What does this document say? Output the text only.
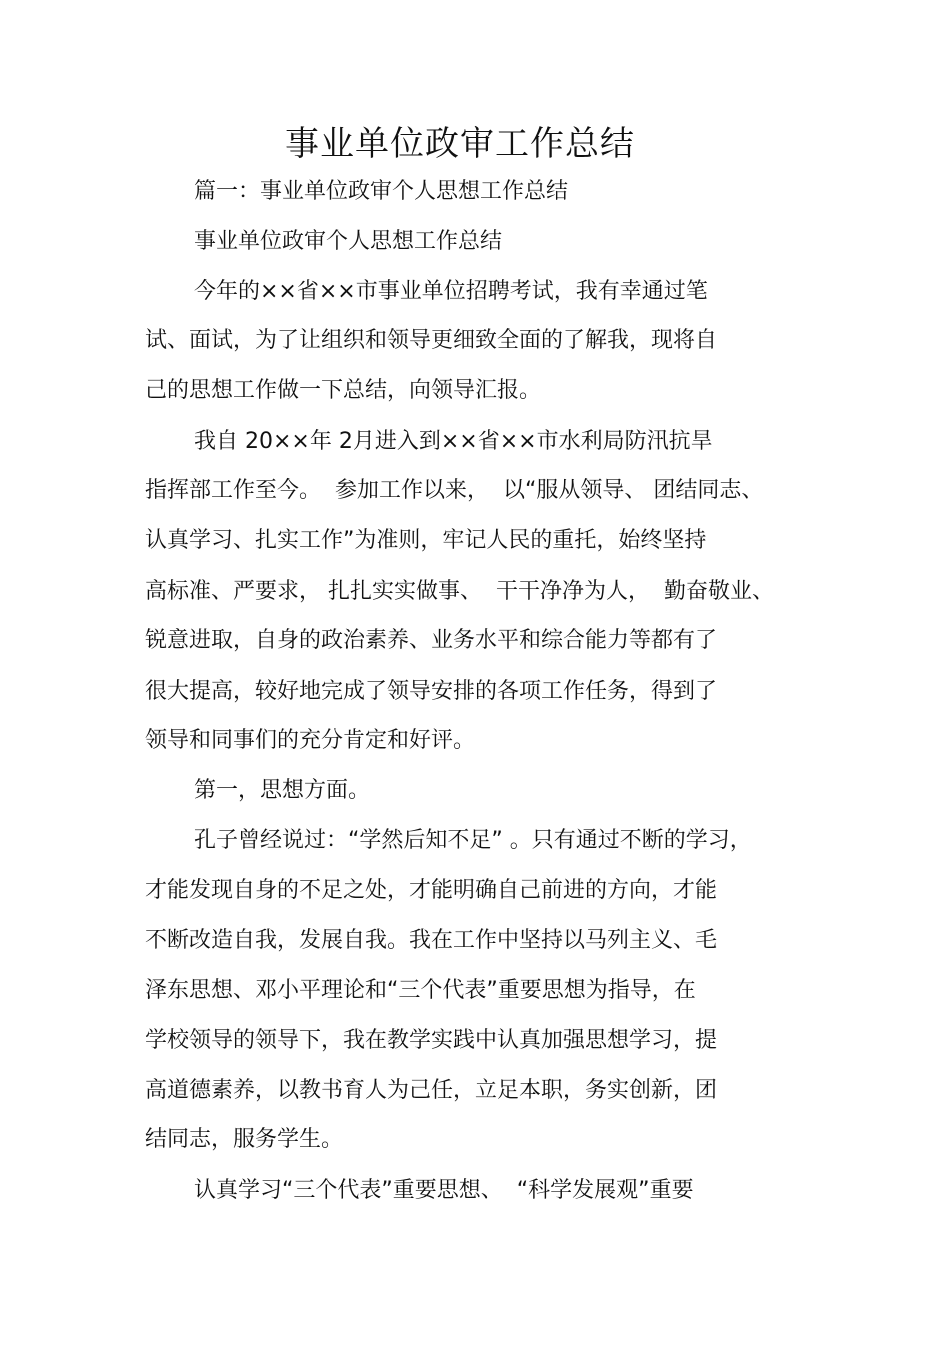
事业单位政审工作总结
篇一：事业单位政审个人思想工作总结
事业单位政审个人思想工作总结
今年的××省××市事业单位招聘考试，我有幸通过笔
试、面试，为了让组织和领导更细致全面的了解我，现将自
己的思想工作做一下总结，向领导汇报。
我自 20××年 2月进入到××省××市水利局防汛抗旱
指挥部工作至今。  参加工作以来，  以“服从领导、 团结同志、
认真学习、扎实工作”为准则，牢记人民的重托，始终坚持
高标准、严要求， 扎扎实实做事、  干干净净为人，  勤奋敬业、
锐意进取，自身的政治素养、业务水平和综合能力等都有了
很大提高，较好地完成了领导安排的各项工作任务，得到了
领导和同事们的充分肯定和好评。
第一，思想方面。
孔子曾经说过：“学然后知不足” 。只有通过不断的学习，
才能发现自身的不足之处，才能明确自己前进的方向，才能
不断改造自我，发展自我。我在工作中坚持以马列主义、毛
泽东思想、邓小平理论和“三个代表”重要思想为指导，在
学校领导的领导下，我在教学实践中认真加强思想学习，提
高道德素养，以教书育人为己任，立足本职，务实创新，团
结同志，服务学生。
认真学习“三个代表”重要思想、  “科学发展观”重要
